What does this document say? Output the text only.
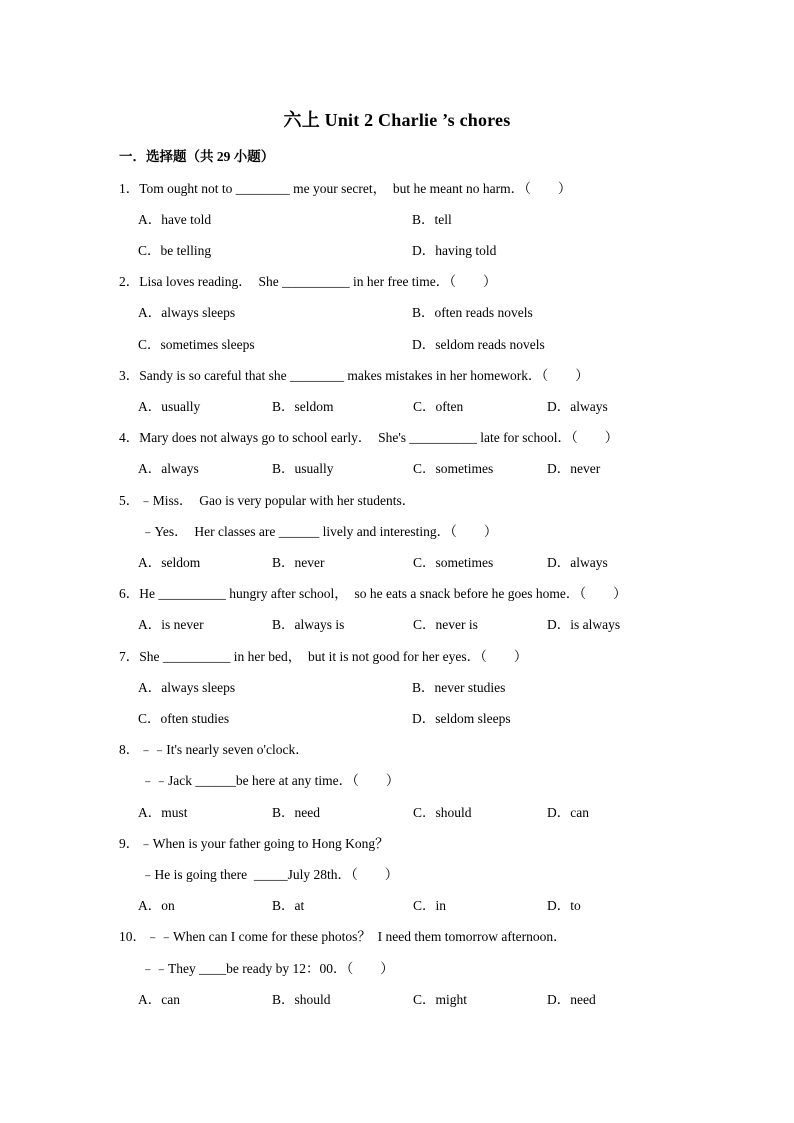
六上 Unit 2 Charlie ’s chores
一．选择题（共 29 小题）
1．Tom ought not to ________ me your secret，  but he meant no harm．（        ）
A．have told	B．tell
C．be telling	D．having told
2．Lisa loves reading．  She __________ in her free time．（        ）
A．always sleeps	B．often reads novels
C．sometimes sleeps	D．seldom reads novels
3．Sandy is so careful that she ________ makes mistakes in her homework．（        ）
A．usually	B．seldom	C．often	D．always
4．Mary does not always go to school early．  She's __________ late for school．（        ）
A．always	B．usually	C．sometimes	D．never
5．﹣Miss．  Gao is very popular with her students．
﹣Yes．  Her classes are ______ lively and interesting．（        ）
A．seldom	B．never	C．sometimes	D．always
6．He __________ hungry after school，  so he eats a snack before he goes home．（        ）
A．is never	B．always is	C．never is	D．is always
7．She __________ in her bed，  but it is not good for her eyes．（        ）
A．always sleeps	B．never studies
C．often studies	D．seldom sleeps
8．﹣﹣It's nearly seven o'clock．
﹣﹣Jack ______be here at any time．（        ）
A．must	B．need	C．should	D．can
9．﹣When is your father going to Hong Kong？
﹣He is going there  _____July 28th．（        ）
A．on	B．at	C．in	D．to
10．﹣﹣When can I come for these photos？  I need them tomorrow afternoon．
﹣﹣They ____be ready by 12：00．（        ）
A．can	B．should	C．might	D．need
